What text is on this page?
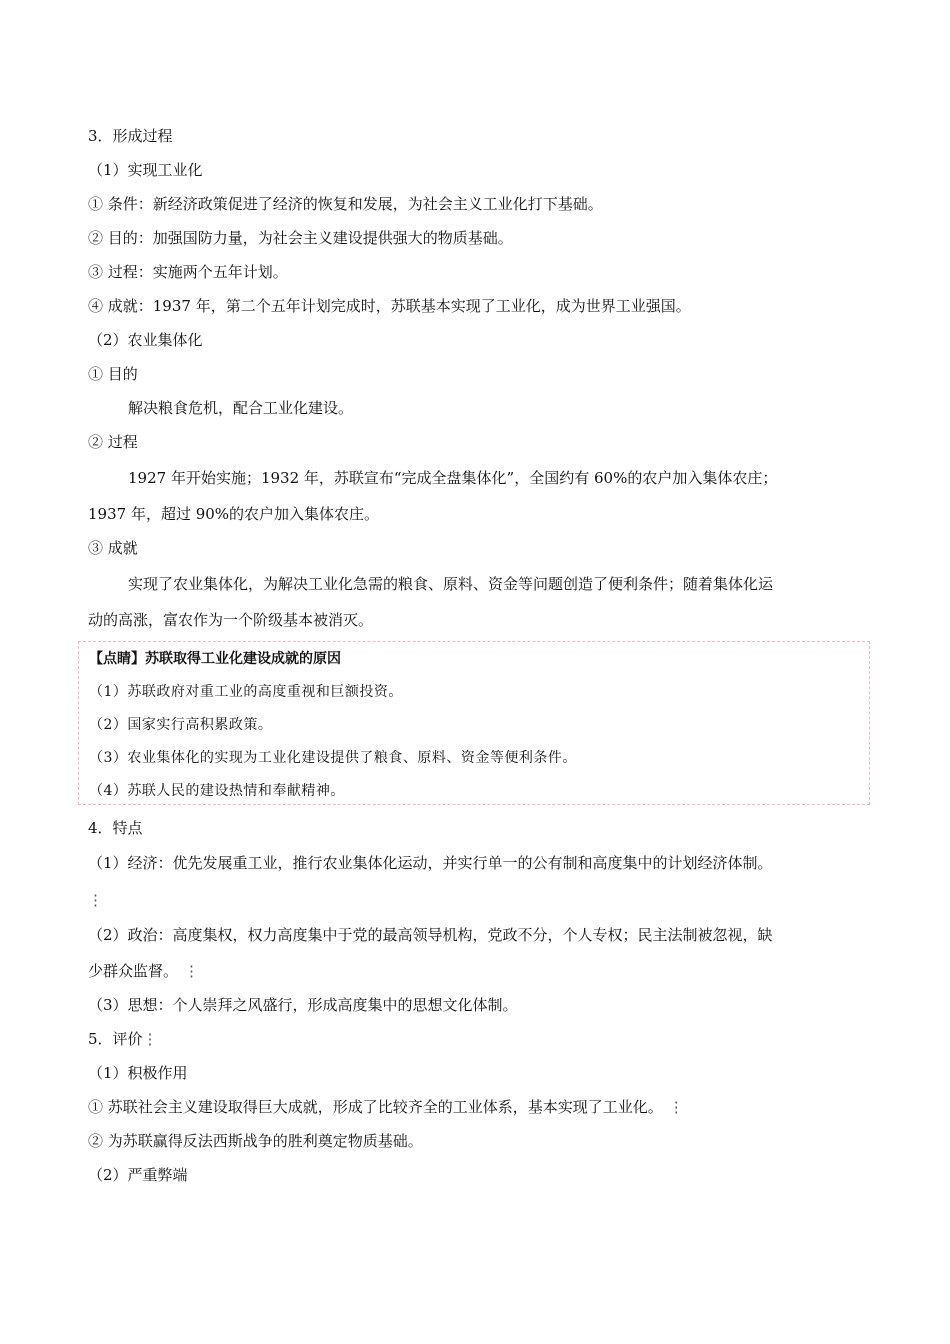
3．形成过程
（1）实现工业化
① 条件：新经济政策促进了经济的恢复和发展，为社会主义工业化打下基础。
② 目的：加强国防力量，为社会主义建设提供强大的物质基础。
③ 过程：实施两个五年计划。
④ 成就：1937 年，第二个五年计划完成时，苏联基本实现了工业化，成为世界工业强国。
（2）农业集体化
① 目的
解决粮食危机，配合工业化建设。
② 过程
1927 年开始实施；1932 年，苏联宣布“完成全盘集体化”，全国约有 60%的农户加入集体农庄；
1937 年，超过 90%的农户加入集体农庄。
③ 成就
实现了农业集体化，为解决工业化急需的粮食、原料、资金等问题创造了便利条件；随着集体化运
动的高涨，富农作为一个阶级基本被消灭。
【点睛】苏联取得工业化建设成就的原因
（1）苏联政府对重工业的高度重视和巨额投资。
（2）国家实行高积累政策。
（3）农业集体化的实现为工业化建设提供了粮食、原料、资金等便利条件。
（4）苏联人民的建设热情和奉献精神。
4．特点
（1）经济：优先发展重工业，推行农业集体化运动，并实行单一的公有制和高度集中的计划经济体制。
⋮
（2）政治：高度集权，权力高度集中于党的最高领导机构，党政不分，个人专权；民主法制被忽视，缺
少群众监督。 ⋮
（3）思想：个人崇拜之风盛行，形成高度集中的思想文化体制。
5．评价⋮
（1）积极作用
① 苏联社会主义建设取得巨大成就，形成了比较齐全的工业体系，基本实现了工业化。 ⋮
② 为苏联赢得反法西斯战争的胜利奠定物质基础。
（2）严重弊端
